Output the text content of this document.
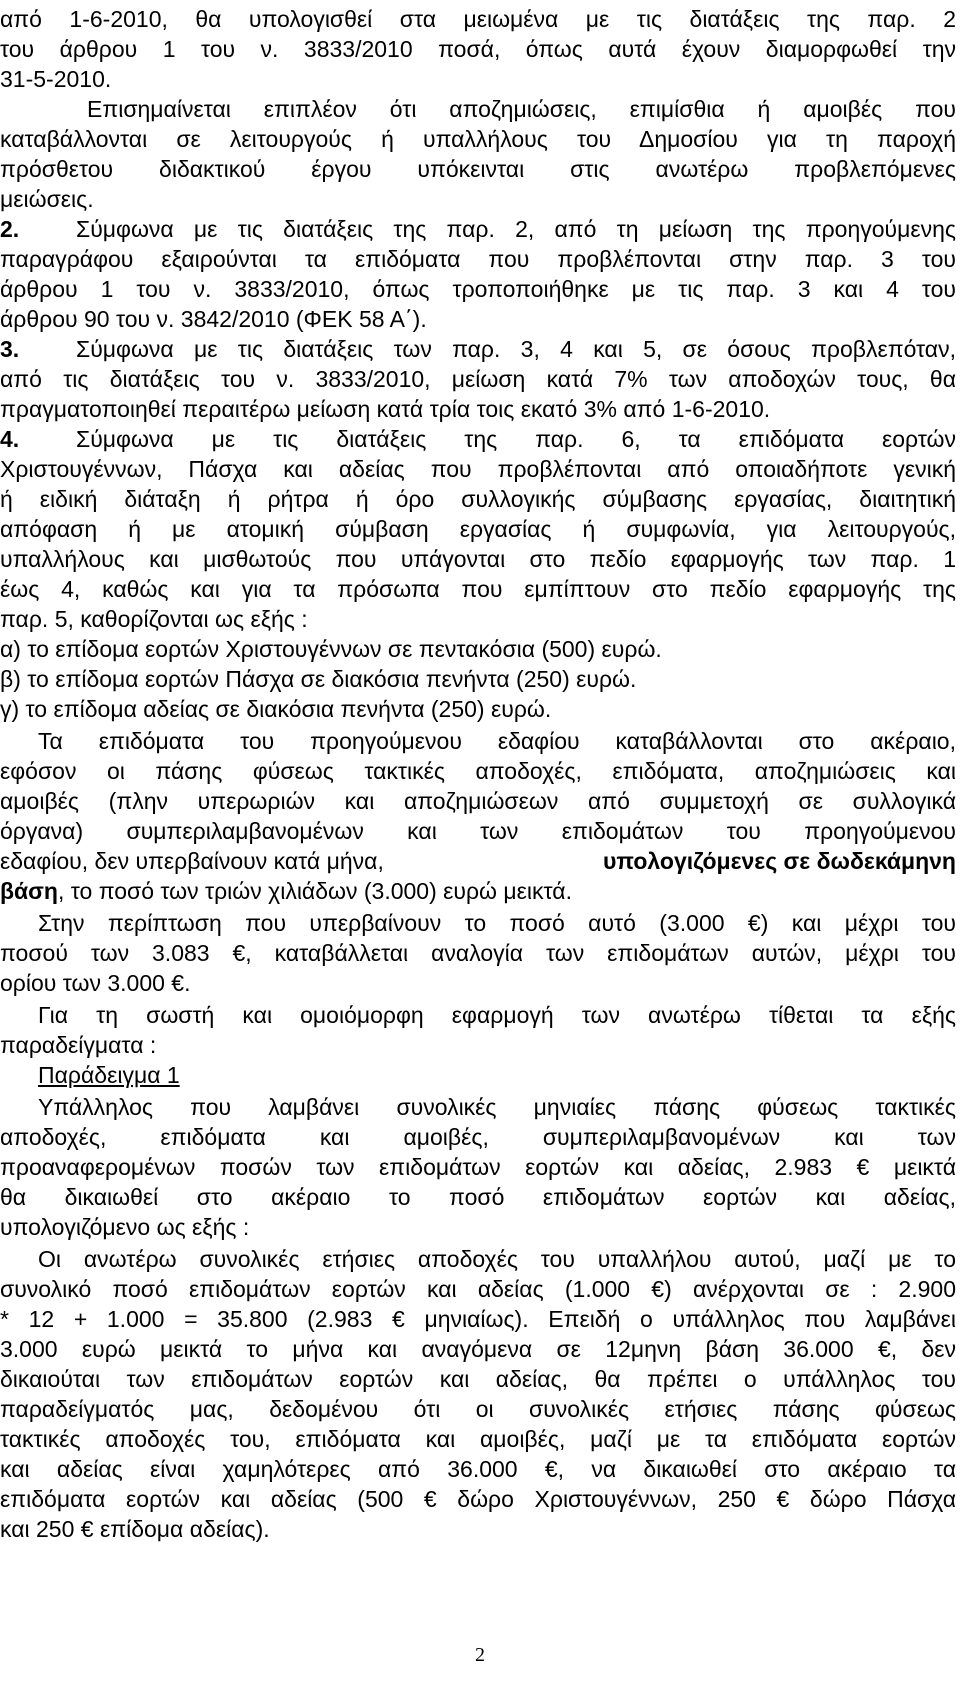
από 1-6-2010, θα υπολογισθεί στα μειωμένα με τις διατάξεις της παρ. 2
του άρθρου 1 του ν. 3833/2010 ποσά, όπως αυτά έχουν διαμορφωθεί την
31-5-2010.
Επισημαίνεται επιπλέον ότι αποζημιώσεις, επιμίσθια ή αμοιβές που
καταβάλλονται σε λειτουργούς ή υπαλλήλους του Δημοσίου για τη παροχή
πρόσθετου διδακτικού έργου υπόκεινται στις ανωτέρω προβλεπόμενες
μειώσεις.
2.	Σύμφωνα με τις διατάξεις της παρ. 2, από τη μείωση της προηγούμενης
παραγράφου εξαιρούνται τα επιδόματα που προβλέπονται στην παρ. 3 του
άρθρου 1 του ν. 3833/2010, όπως τροποποιήθηκε με τις παρ. 3 και 4 του
άρθρου 90 του ν. 3842/2010 (ΦΕΚ 58 Α΄).
3.	Σύμφωνα με τις διατάξεις των παρ. 3, 4 και 5, σε όσους προβλεπόταν,
από τις διατάξεις του ν. 3833/2010, μείωση κατά 7% των αποδοχών τους, θα
πραγματοποιηθεί περαιτέρω μείωση κατά τρία τοις εκατό 3% από 1-6-2010.
4.	Σύμφωνα με τις διατάξεις της παρ. 6, τα επιδόματα εορτών
Χριστουγέννων, Πάσχα και αδείας που προβλέπονται από οποιαδήποτε γενική
ή ειδική διάταξη ή ρήτρα ή όρο συλλογικής σύμβασης εργασίας, διαιτητική
απόφαση ή με ατομική σύμβαση εργασίας ή συμφωνία, για λειτουργούς,
υπαλλήλους και μισθωτούς που υπάγονται στο πεδίο εφαρμογής των παρ. 1
έως 4, καθώς και για τα πρόσωπα που εμπίπτουν στο πεδίο εφαρμογής της
παρ. 5, καθορίζονται ως εξής :
α) το επίδομα εορτών Χριστουγέννων σε πεντακόσια (500) ευρώ.
β) το επίδομα εορτών Πάσχα σε διακόσια πενήντα (250) ευρώ.
γ) το επίδομα αδείας σε διακόσια πενήντα (250) ευρώ.
Τα επιδόματα του προηγούμενου εδαφίου καταβάλλονται στο ακέραιο,
εφόσον οι πάσης φύσεως τακτικές αποδοχές, επιδόματα, αποζημιώσεις και
αμοιβές (πλην υπερωριών και αποζημιώσεων από συμμετοχή σε συλλογικά
όργανα) συμπεριλαμβανομένων και των επιδομάτων του προηγούμενου
εδαφίου, δεν υπερβαίνουν κατά μήνα,	υπολογιζόμενες σε δωδεκάμηνη
βάση, το ποσό των τριών χιλιάδων (3.000) ευρώ μεικτά.
Στην περίπτωση που υπερβαίνουν το ποσό αυτό (3.000 €) και μέχρι του
ποσού των 3.083 €, καταβάλλεται αναλογία των επιδομάτων αυτών, μέχρι του
ορίου των 3.000 €.
Για τη σωστή και ομοιόμορφη εφαρμογή των ανωτέρω τίθεται τα εξής
παραδείγματα :
Παράδειγμα 1
Υπάλληλος που λαμβάνει συνολικές μηνιαίες πάσης φύσεως τακτικές
αποδοχές, επιδόματα και αμοιβές, συμπεριλαμβανομένων και των
προαναφερομένων ποσών των επιδομάτων εορτών και αδείας, 2.983 € μεικτά
θα δικαιωθεί στο ακέραιο το ποσό επιδομάτων εορτών και αδείας,
υπολογιζόμενο ως εξής :
Οι ανωτέρω συνολικές ετήσιες αποδοχές του υπαλλήλου αυτού, μαζί με το
συνολικό ποσό επιδομάτων εορτών και αδείας (1.000 €) ανέρχονται σε : 2.900
* 12 + 1.000 = 35.800 (2.983 € μηνιαίως). Επειδή ο υπάλληλος που λαμβάνει
3.000 ευρώ μεικτά το μήνα και αναγόμενα σε 12μηνη βάση 36.000 €, δεν
δικαιούται των επιδομάτων εορτών και αδείας, θα πρέπει ο υπάλληλος του
παραδείγματός μας, δεδομένου ότι οι συνολικές ετήσιες πάσης φύσεως
τακτικές αποδοχές του, επιδόματα και αμοιβές, μαζί με τα επιδόματα εορτών
και αδείας είναι χαμηλότερες από 36.000 €, να δικαιωθεί στο ακέραιο τα
επιδόματα εορτών και αδείας (500 € δώρο Χριστουγέννων, 250 € δώρο Πάσχα
και 250 € επίδομα αδείας).
2
